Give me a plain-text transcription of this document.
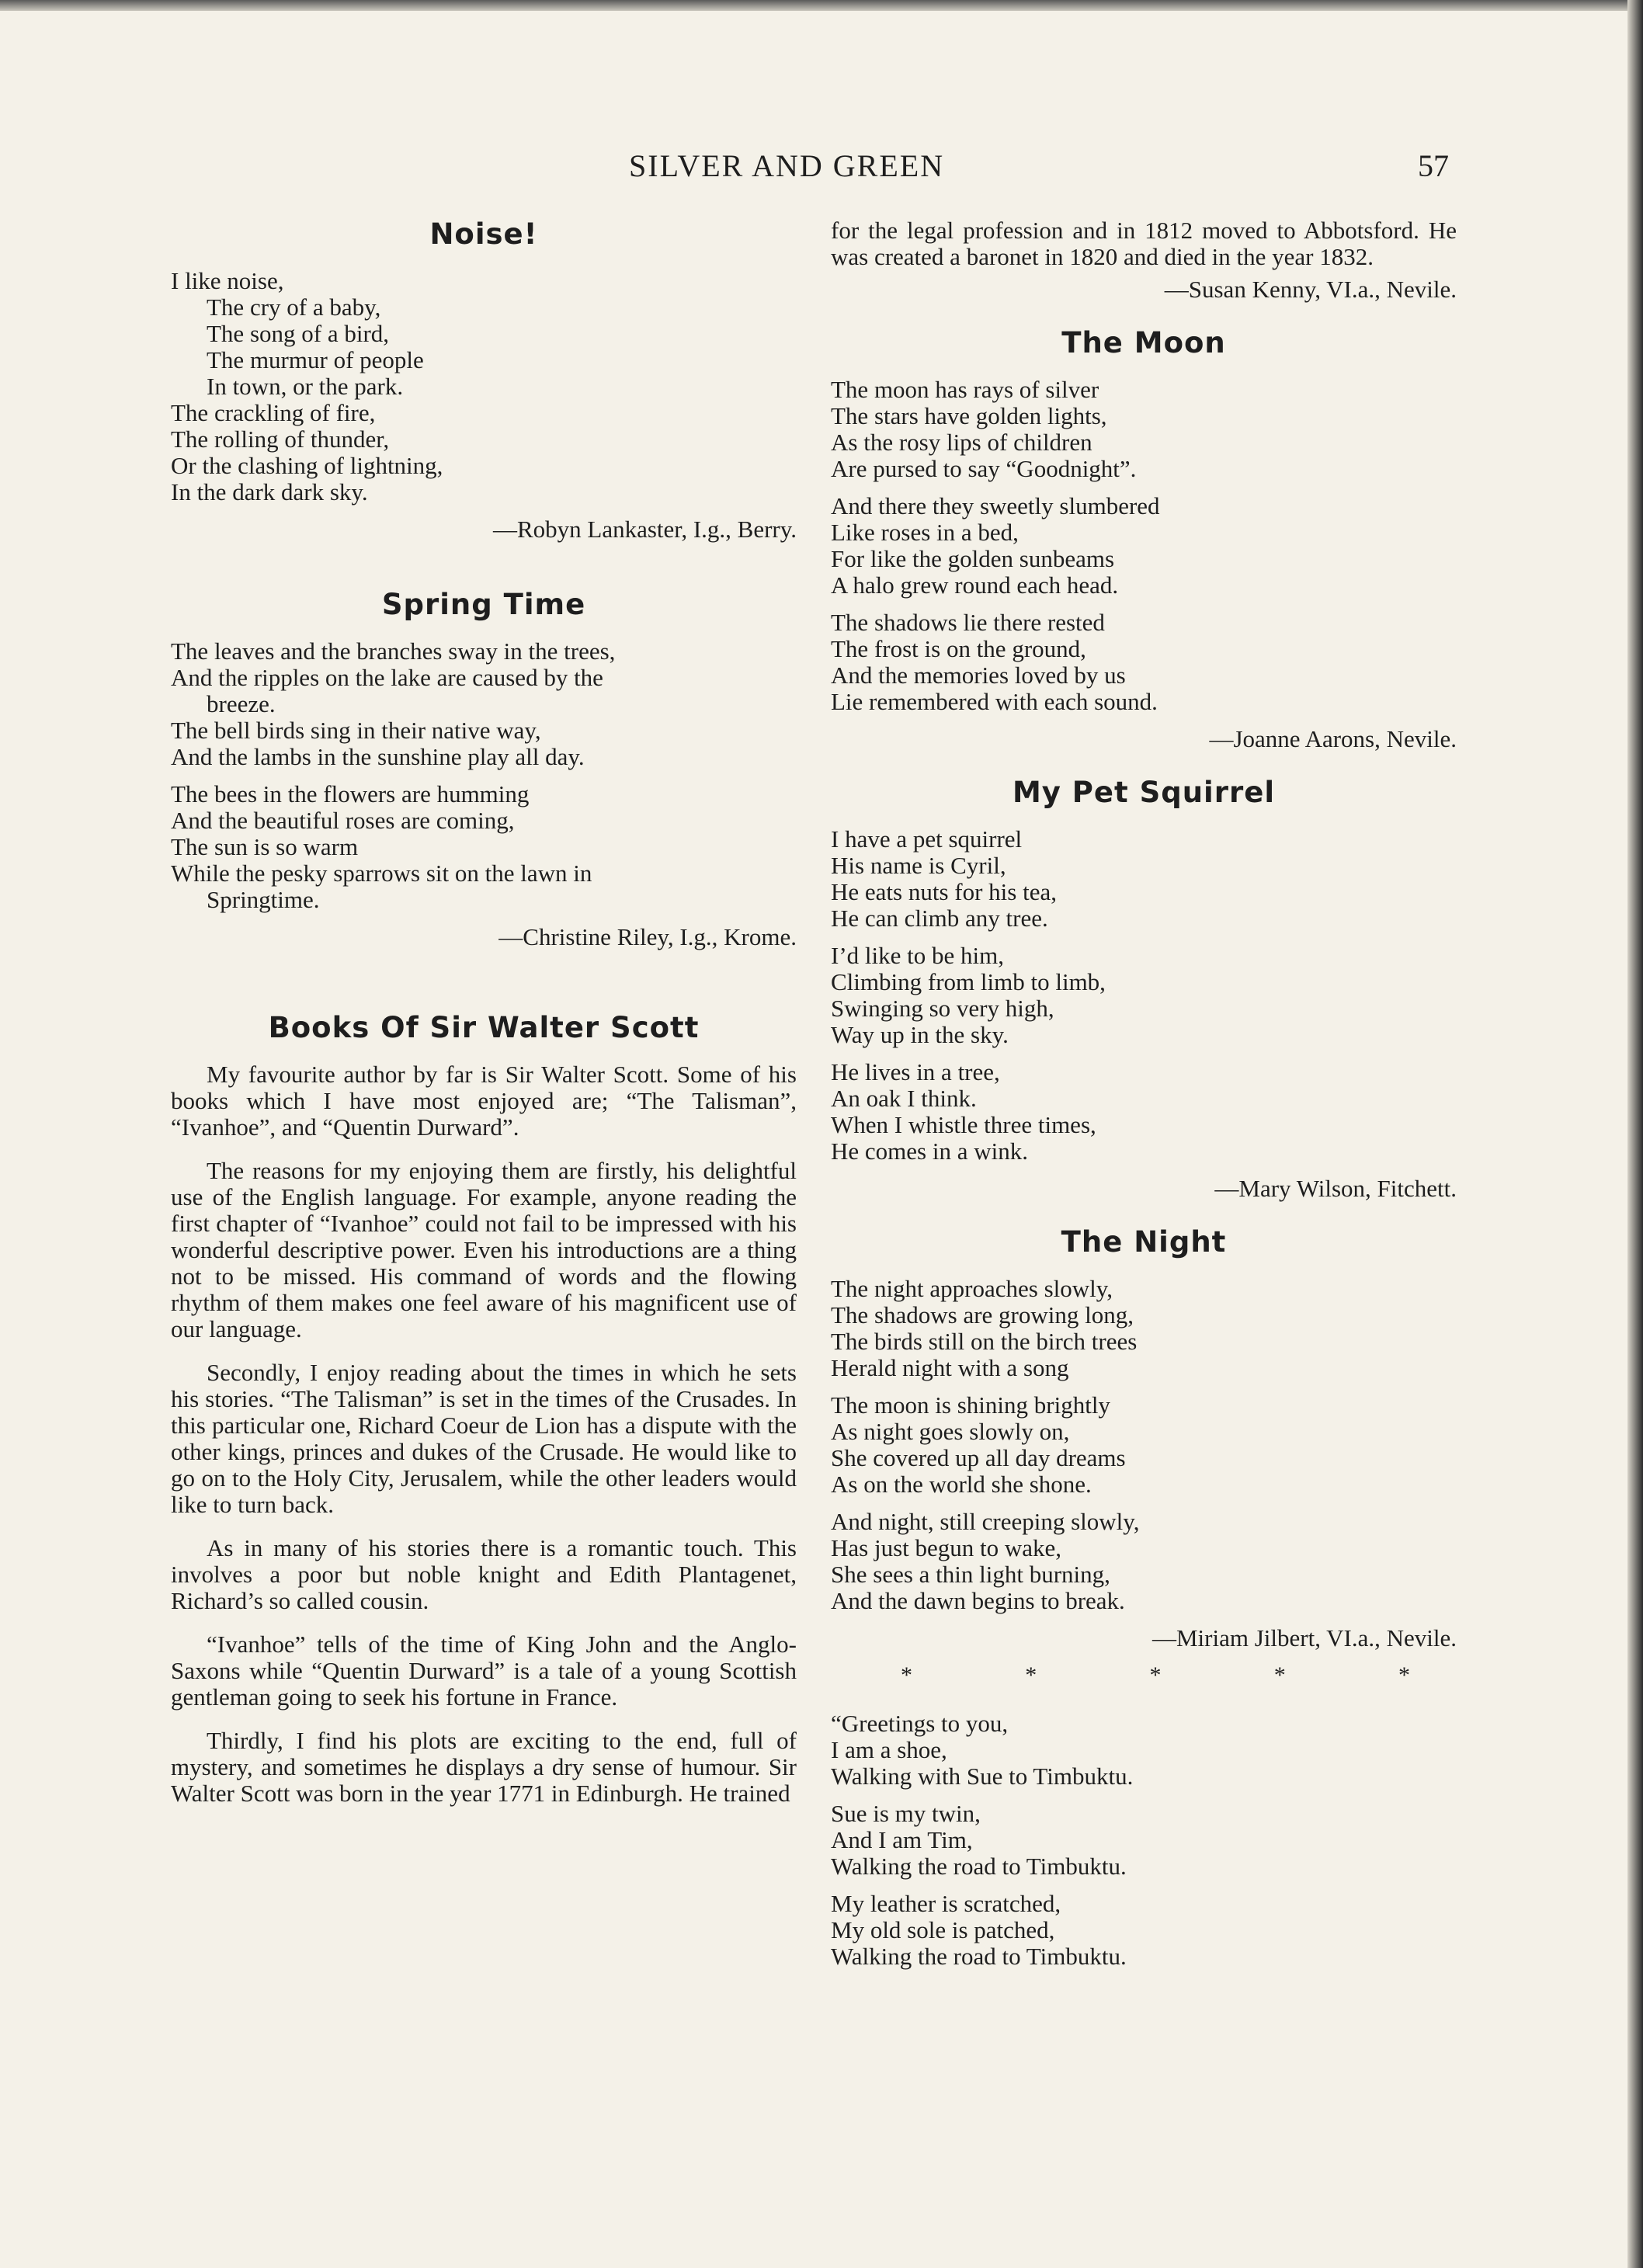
SILVER AND GREEN	57
Noise!
I like noise,
The cry of a baby,
The song of a bird,
The murmur of people
In town, or the park.
The crackling of fire,
The rolling of thunder,
Or the clashing of lightning,
In the dark dark sky.
—Robyn Lankaster, I.g., Berry.
Spring Time
The leaves and the branches sway in the trees,
And the ripples on the lake are caused by the
breeze.
The bell birds sing in their native way,
And the lambs in the sunshine play all day.
The bees in the flowers are humming
And the beautiful roses are coming,
The sun is so warm
While the pesky sparrows sit on the lawn in
Springtime.
—Christine Riley, I.g., Krome.
Books Of Sir Walter Scott

My favourite author by far is Sir Walter Scott. Some of his books which I have most enjoyed are; “The Talisman”, “Ivanhoe”, and “Quentin Durward”.

The reasons for my enjoying them are firstly, his delightful use of the English language. For example, anyone reading the first chapter of “Ivanhoe” could not fail to be impressed with his wonderful descriptive power. Even his introductions are a thing not to be missed. His command of words and the flowing rhythm of them makes one feel aware of his magnificent use of our language.

Secondly, I enjoy reading about the times in which he sets his stories. “The Talisman” is set in the times of the Crusades. In this particular one, Richard Coeur de Lion has a dispute with the other kings, princes and dukes of the Crusade. He would like to go on to the Holy City, Jerusalem, while the other leaders would like to turn back.

As in many of his stories there is a romantic touch. This involves a poor but noble knight and Edith Plantagenet, Richard’s so called cousin.

“Ivanhoe” tells of the time of King John and the Anglo-Saxons while “Quentin Durward” is a tale of a young Scottish gentleman going to seek his fortune in France.

Thirdly, I find his plots are exciting to the end, full of mystery, and sometimes he displays a dry sense of humour. Sir Walter Scott was born in the year 1771 in Edinburgh. He trained

for the legal profession and in 1812 moved to Abbotsford. He was created a baronet in 1820 and died in the year 1832.

—Susan Kenny, VI.a., Nevile.
The Moon
The moon has rays of silver
The stars have golden lights,
As the rosy lips of children
Are pursed to say “Goodnight”.
And there they sweetly slumbered
Like roses in a bed,
For like the golden sunbeams
A halo grew round each head.
The shadows lie there rested
The frost is on the ground,
And the memories loved by us
Lie remembered with each sound.
—Joanne Aarons, Nevile.
My Pet Squirrel
I have a pet squirrel
His name is Cyril,
He eats nuts for his tea,
He can climb any tree.
I’d like to be him,
Climbing from limb to limb,
Swinging so very high,
Way up in the sky.
He lives in a tree,
An oak I think.
When I whistle three times,
He comes in a wink.
—Mary Wilson, Fitchett.
The Night
The night approaches slowly,
The shadows are growing long,
The birds still on the birch trees
Herald night with a song
The moon is shining brightly
As night goes slowly on,
She covered up all day dreams
As on the world she shone.
And night, still creeping slowly,
Has just begun to wake,
She sees a thin light burning,
And the dawn begins to break.
—Miriam Jilbert, VI.a., Nevile.
*	*	*	*	*
“Greetings to you,
I am a shoe,
Walking with Sue to Timbuktu.
Sue is my twin,
And I am Tim,
Walking the road to Timbuktu.
My leather is scratched,
My old sole is patched,
Walking the road to Timbuktu.
